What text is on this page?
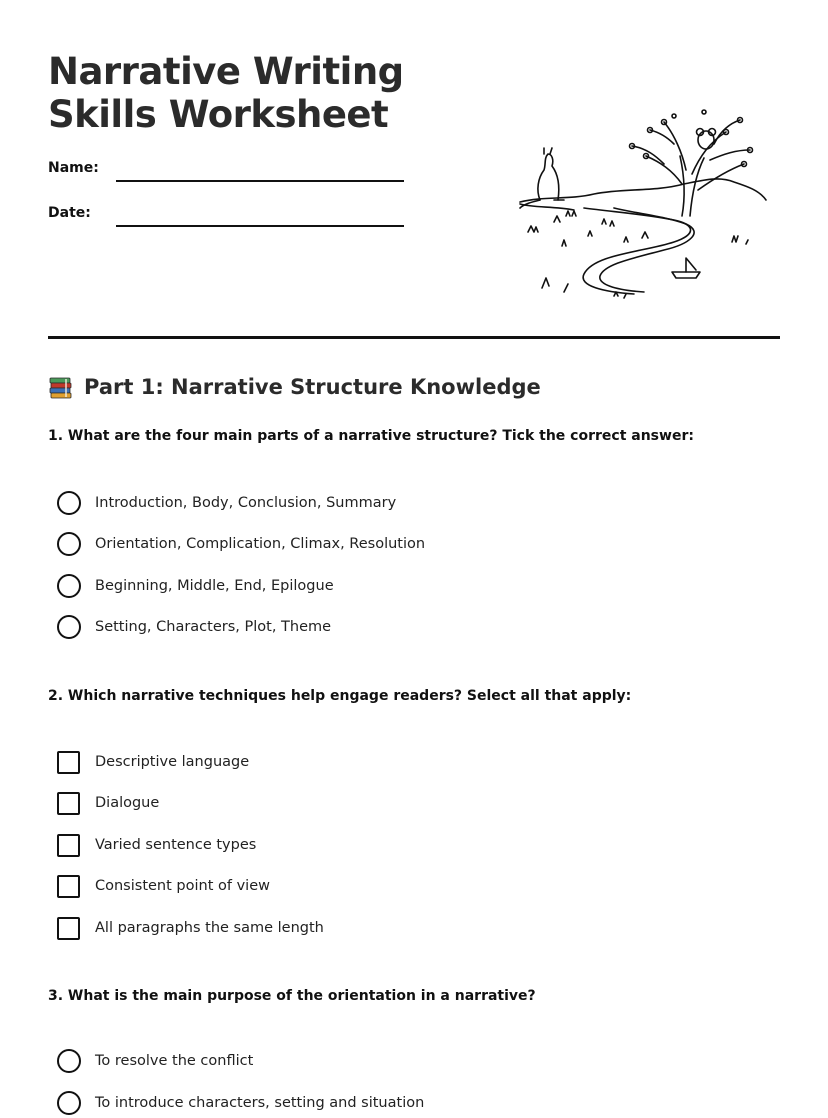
Narrative Writing Skills Worksheet
Name:
Date:
Part 1: Narrative Structure Knowledge
1. What are the four main parts of a narrative structure? Tick the correct answer:
Introduction, Body, Conclusion, Summary
Orientation, Complication, Climax, Resolution
Beginning, Middle, End, Epilogue
Setting, Characters, Plot, Theme
2. Which narrative techniques help engage readers? Select all that apply:
Descriptive language
Dialogue
Varied sentence types
Consistent point of view
All paragraphs the same length
3. What is the main purpose of the orientation in a narrative?
To resolve the conflict
To introduce characters, setting and situation
